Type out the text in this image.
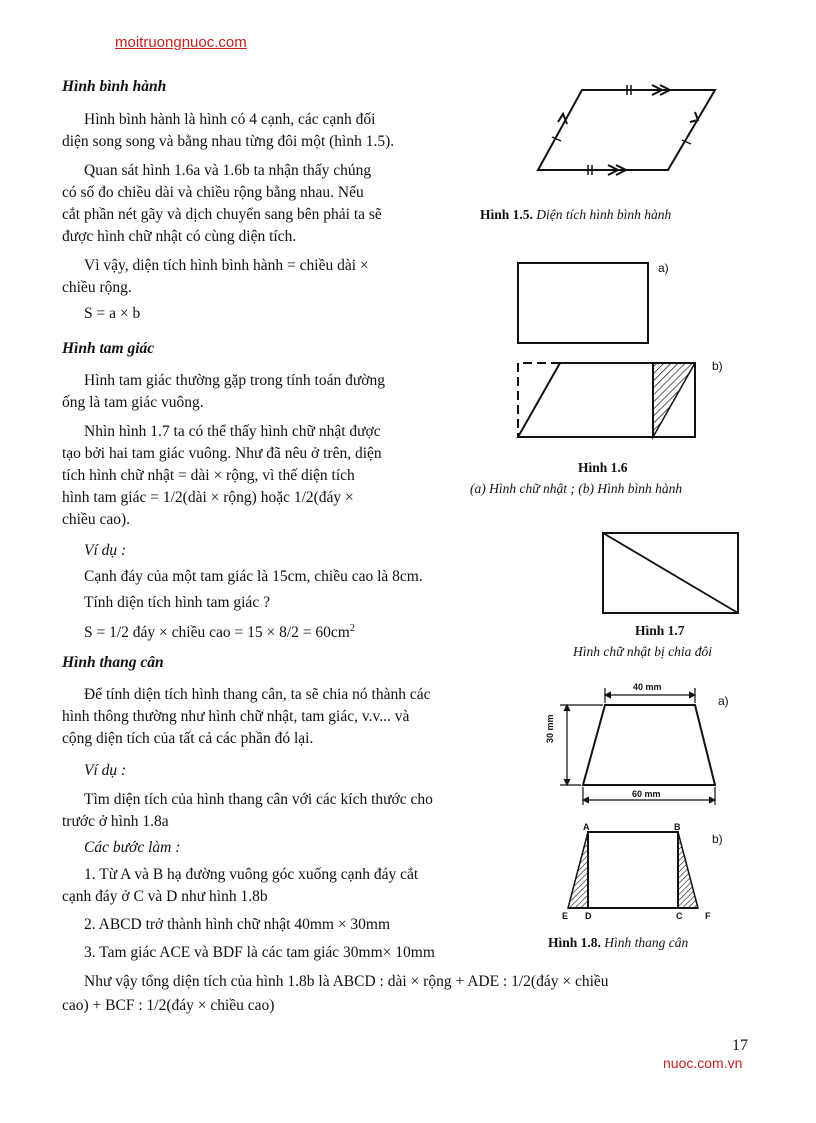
moitruongnuoc.com
Hình bình hành
Hình bình hành là hình có 4 cạnh, các cạnh đối
diện song song và bằng nhau từng đôi một (hình 1.5).
Quan sát hình 1.6a và 1.6b ta nhận thấy chúng
có số đo chiều dài và chiều rộng bằng nhau. Nếu
cắt phần nét gãy và dịch chuyển sang bên phải ta sẽ
được hình chữ nhật có cùng diện tích.
Vì vậy, diện tích hình bình hành = chiều dài ×
chiều rộng.
S = a × b
Hình tam giác
Hình tam giác thường gặp trong tính toán đường
ống là tam giác vuông.
Nhìn hình 1.7 ta có thể thấy hình chữ nhật được
tạo bởi hai tam giác vuông. Như đã nêu ở trên, diện
tích hình chữ nhật = dài × rộng, vì thế diện tích
hình tam giác = 1/2(dài × rộng) hoặc 1/2(đáy ×
chiều cao).
Ví dụ :
Cạnh đáy của một tam giác là 15cm, chiều cao là 8cm.
Tính diện tích hình tam giác ?
S = 1/2 đáy × chiều cao = $15 \times 8/2 = 60cm^2$
Hình thang cân
Để tính diện tích hình thang cân, ta sẽ chia nó thành các
hình thông thường như hình chữ nhật, tam giác, v.v... và
cộng diện tích của tất cả các phần đó lại.
Ví dụ :
Tìm diện tích của hình thang cân với các kích thước cho
trước ở hình 1.8a
Các bước làm :
1. Từ A và B hạ đường vuông góc xuống cạnh đáy cắt
cạnh đáy ở C và D như hình 1.8b
2. ABCD trở thành hình chữ nhật 40mm × 30mm
3. Tam giác ACE và BDF là các tam giác 30mm× 10mm
Như vậy tổng diện tích của hình 1.8b là ABCD : dài × rộng + ADE : 1/2(đáy × chiều
cao) + BCF : 1/2(đáy × chiều cao)
Hình 1.5. Diện tích hình bình hành
a)
b)
Hình 1.6
(a) Hình chữ nhật ; (b) Hình bình hành
Hình 1.7
Hình chữ nhật bị chia đôi
40 mm
60 mm
30 mm
a)
A	B
E D	C	F
b)
Hình 1.8. Hình thang cân
17
nuoc.com.vn
